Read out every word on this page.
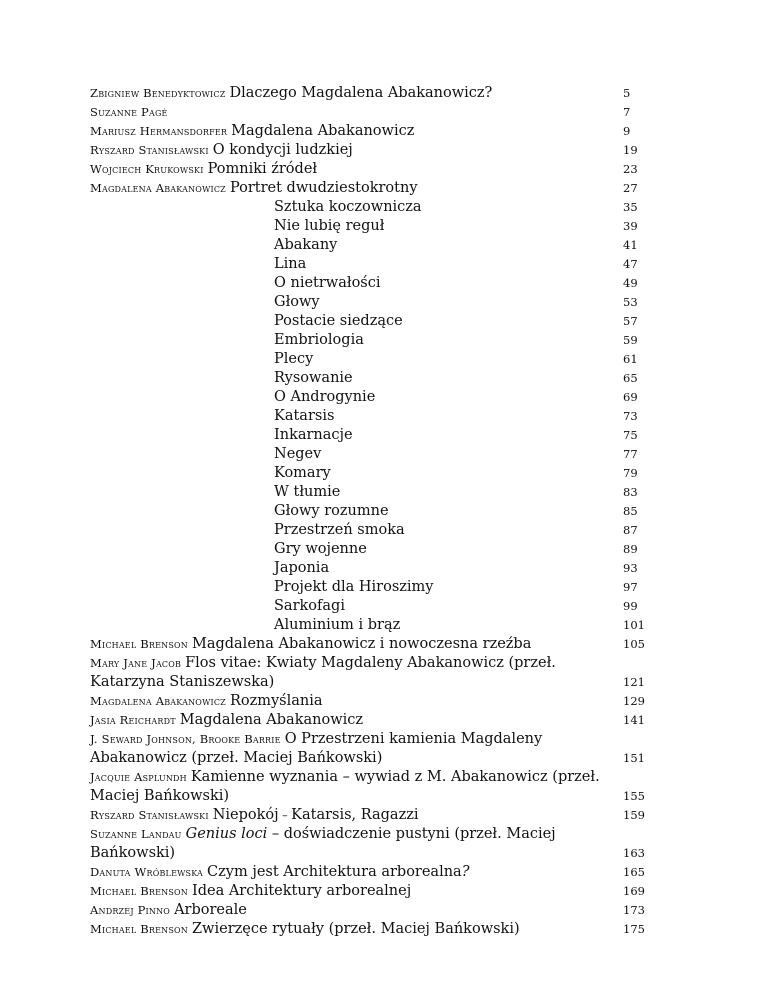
Zbigniew Benedyktowicz Dlaczego Magdalena Abakanowicz?	5
Suzanne Pagé	7
Mariusz Hermansdorfer Magdalena Abakanowicz	9
Ryszard Stanisławski O kondycji ludzkiej	19
Wojciech Krukowski Pomniki źródeł	23
Magdalena Abakanowicz Portret dwudziestokrotny	27
Sztuka koczownicza	35
Nie lubię reguł	39
Abakany	41
Lina	47
O nietrwałości	49
Głowy	53
Postacie siedzące	57
Embriologia	59
Plecy	61
Rysowanie	65
O Androgynie	69
Katarsis	73
Inkarnacje	75
Negev	77
Komary	79
W tłumie	83
Głowy rozumne	85
Przestrzeń smoka	87
Gry wojenne	89
Japonia	93
Projekt dla Hiroszimy	97
Sarkofagi	99
Aluminium i brąz	101
Michael Brenson Magdalena Abakanowicz i nowoczesna rzeźba	105
Mary Jane Jacob Flos vitae: Kwiaty Magdaleny Abakanowicz (przeł. Katarzyna Staniszewska)	121
Magdalena Abakanowicz Rozmyślania	129
Jasia Reichardt Magdalena Abakanowicz	141
J. Seward Johnson, Brooke Barrie O Przestrzeni kamienia Magdaleny Abakanowicz (przeł. Maciej Bańkowski)	151
Jacquie Asplundh Kamienne wyznania – wywiad z M. Abakanowicz (przeł. Maciej Bańkowski)	155
Ryszard Stanisławski Niepokój – Katarsis, Ragazzi	159
Suzanne Landau Genius loci – doświadczenie pustyni (przeł. Maciej Bańkowski)	163
Danuta Wróblewska Czym jest Architektura arborealna?	165
Michael Brenson Idea Architektury arborealnej	169
Andrzej Pinno Arboreale	173
Michael Brenson Zwierzęce rytuały (przeł. Maciej Bańkowski)	175
